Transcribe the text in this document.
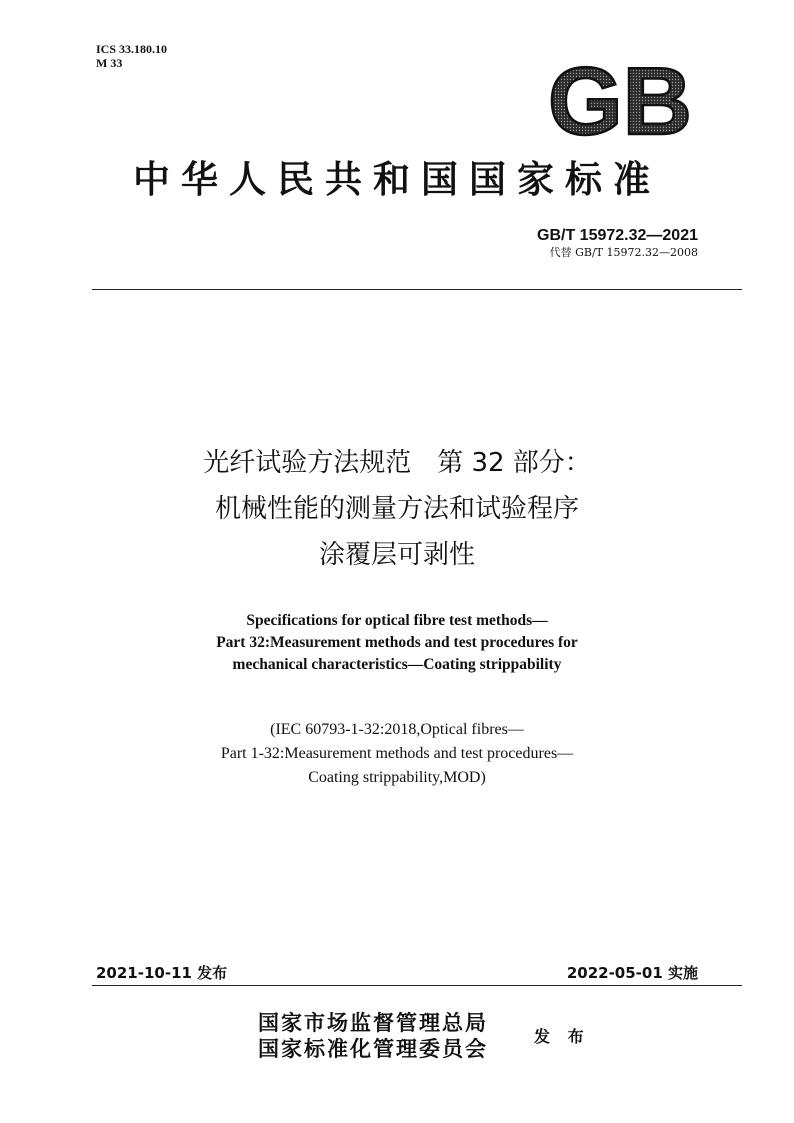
ICS 33.180.10
M 33	GB
中华人民共和国国家标准
GB/T 15972.32—2021
代替 GB/T 15972.32—2008
光纤试验方法规范　第 32 部分：
机械性能的测量方法和试验程序
涂覆层可剥性
Specifications for optical fibre test methods—
Part 32:Measurement methods and test procedures for
mechanical characteristics—Coating strippability
(IEC 60793-1-32:2018,Optical fibres—
Part 1-32:Measurement methods and test procedures—
Coating strippability,MOD)
2021-10-11 发布	2022-05-01 实施
国家市场监督管理总局
国家标准化管理委员会	发 布
